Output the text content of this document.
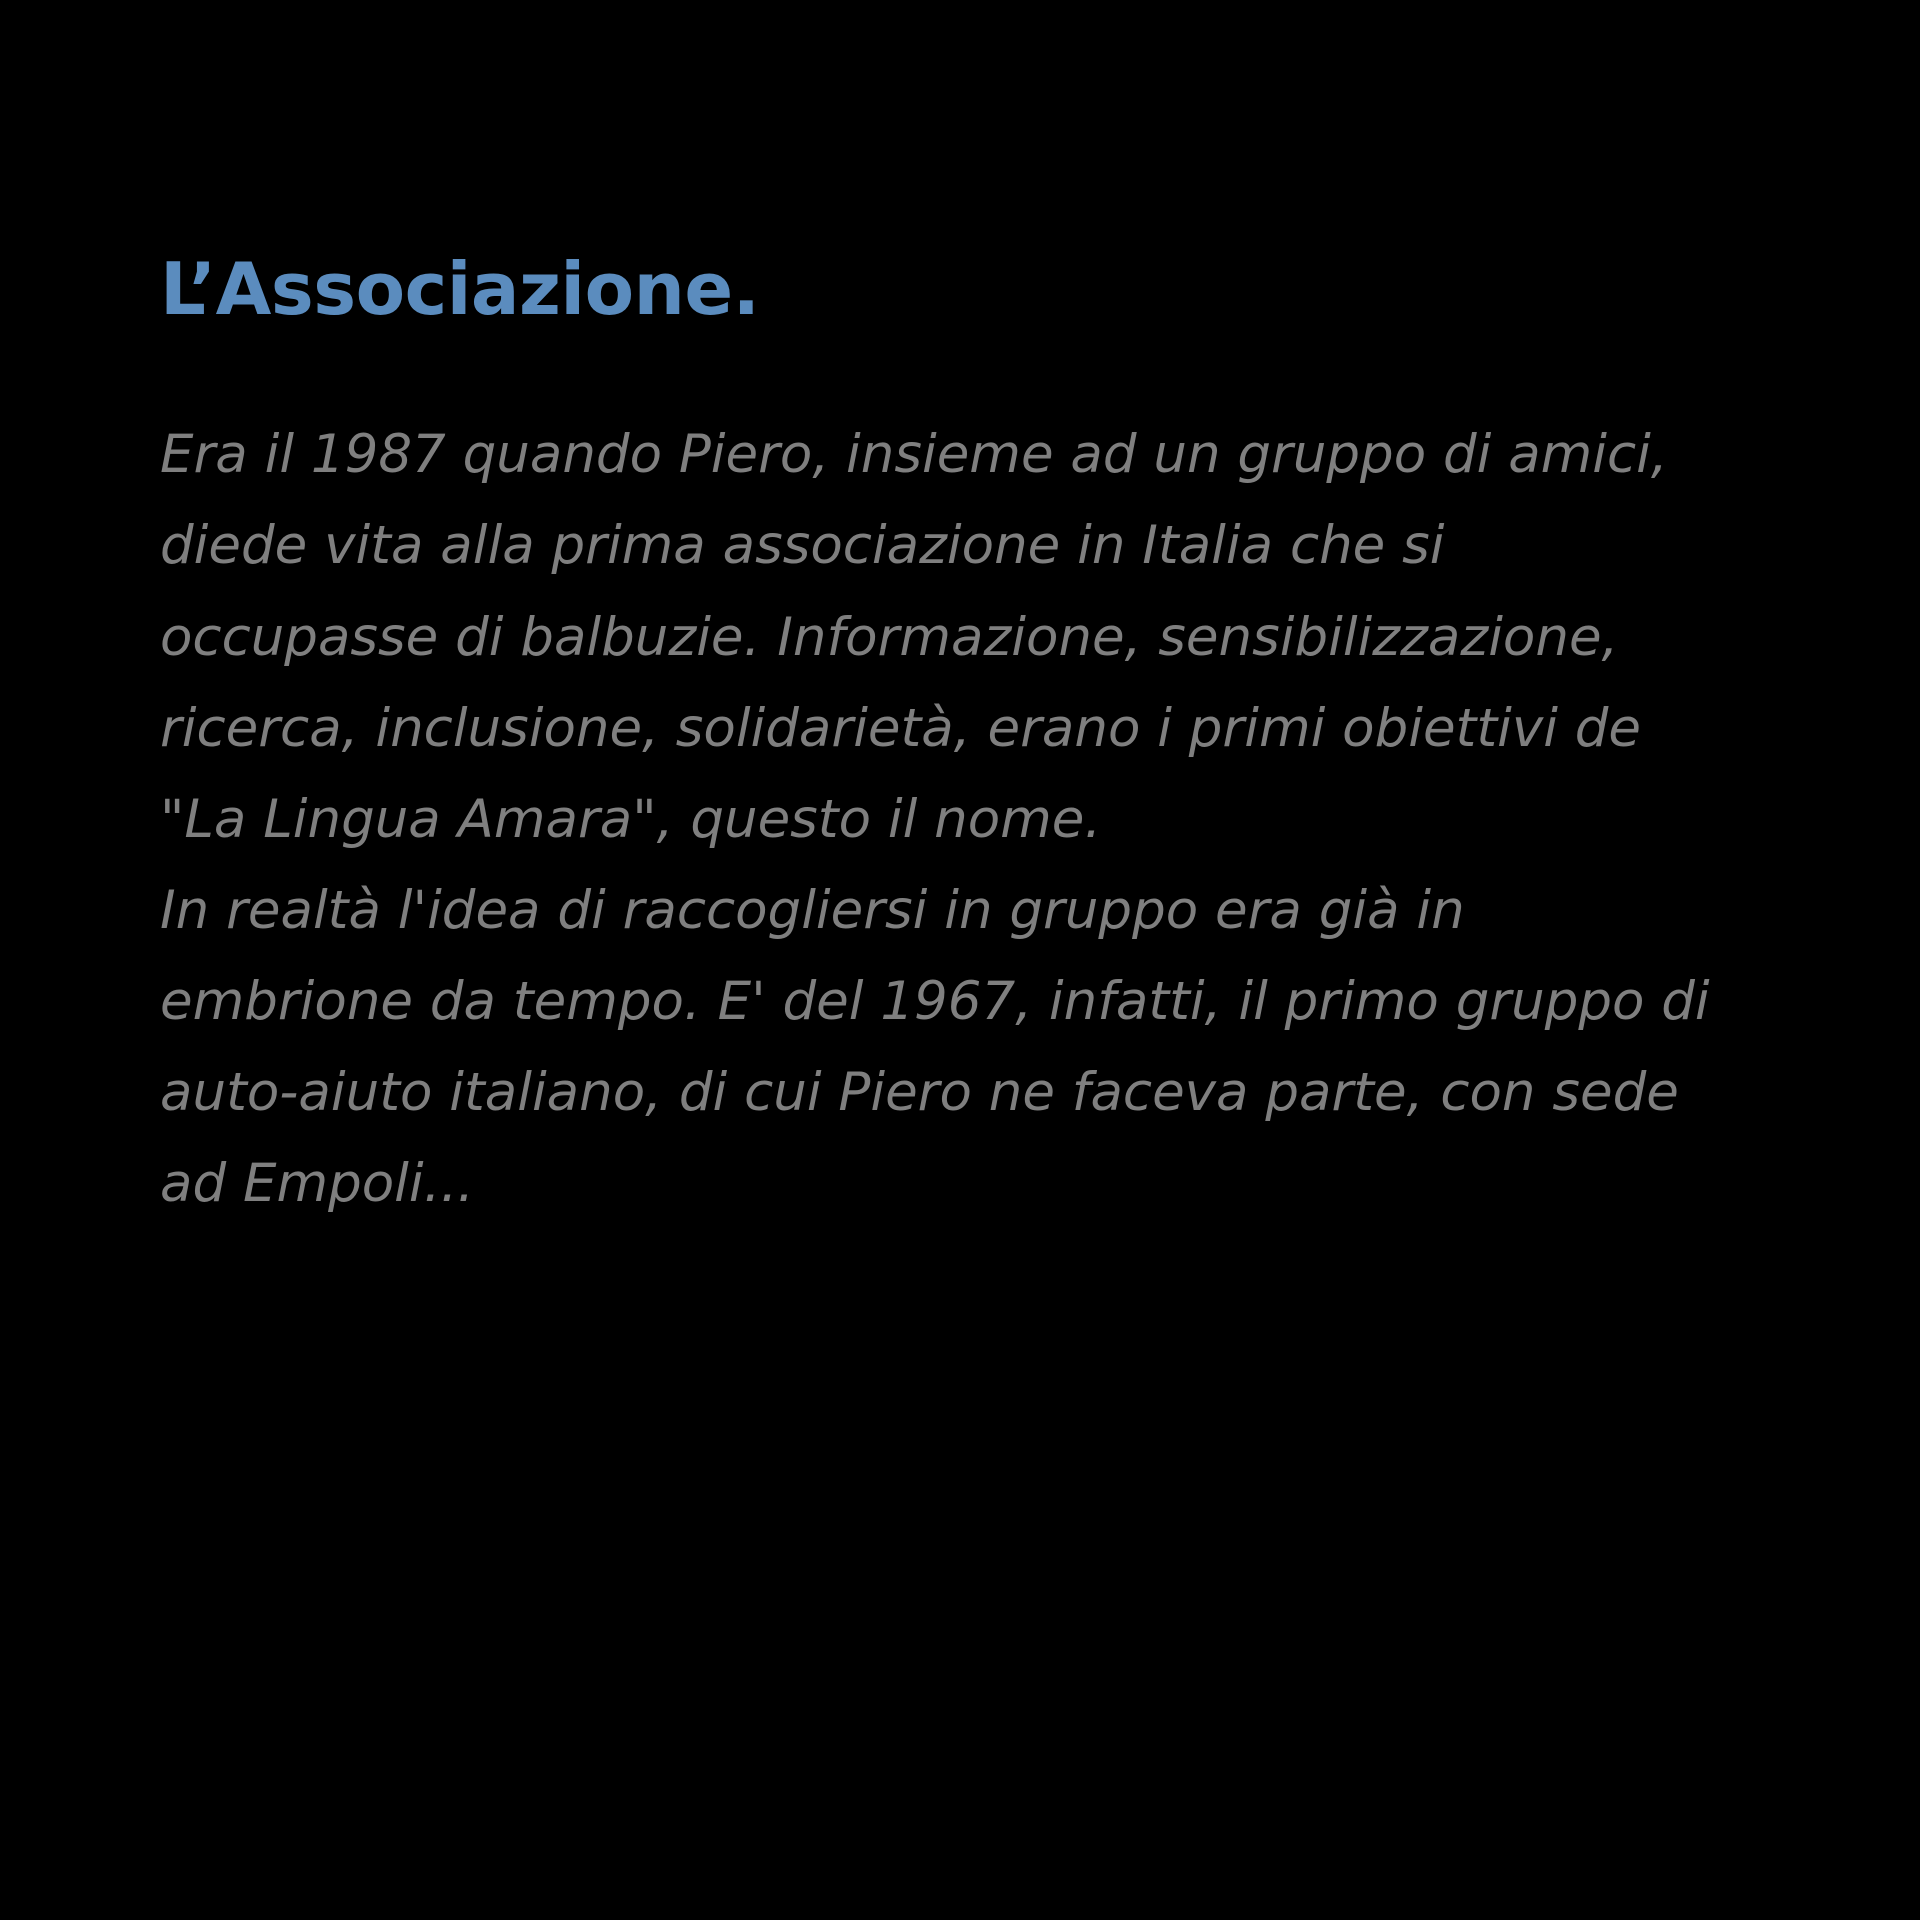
L’Associazione.

Era il 1987 quando Piero, insieme ad un gruppo di amici, diede vita alla prima associazione in Italia che si occupasse di balbuzie. Informazione, sensibilizzazione, ricerca, inclusione, solidarietà, erano i primi obiettivi de "La Lingua Amara", questo il nome.

In realtà l'idea di raccogliersi in gruppo era già in embrione da tempo. E' del 1967, infatti, il primo gruppo di auto-aiuto italiano, di cui Piero ne faceva parte, con sede ad Empoli...
